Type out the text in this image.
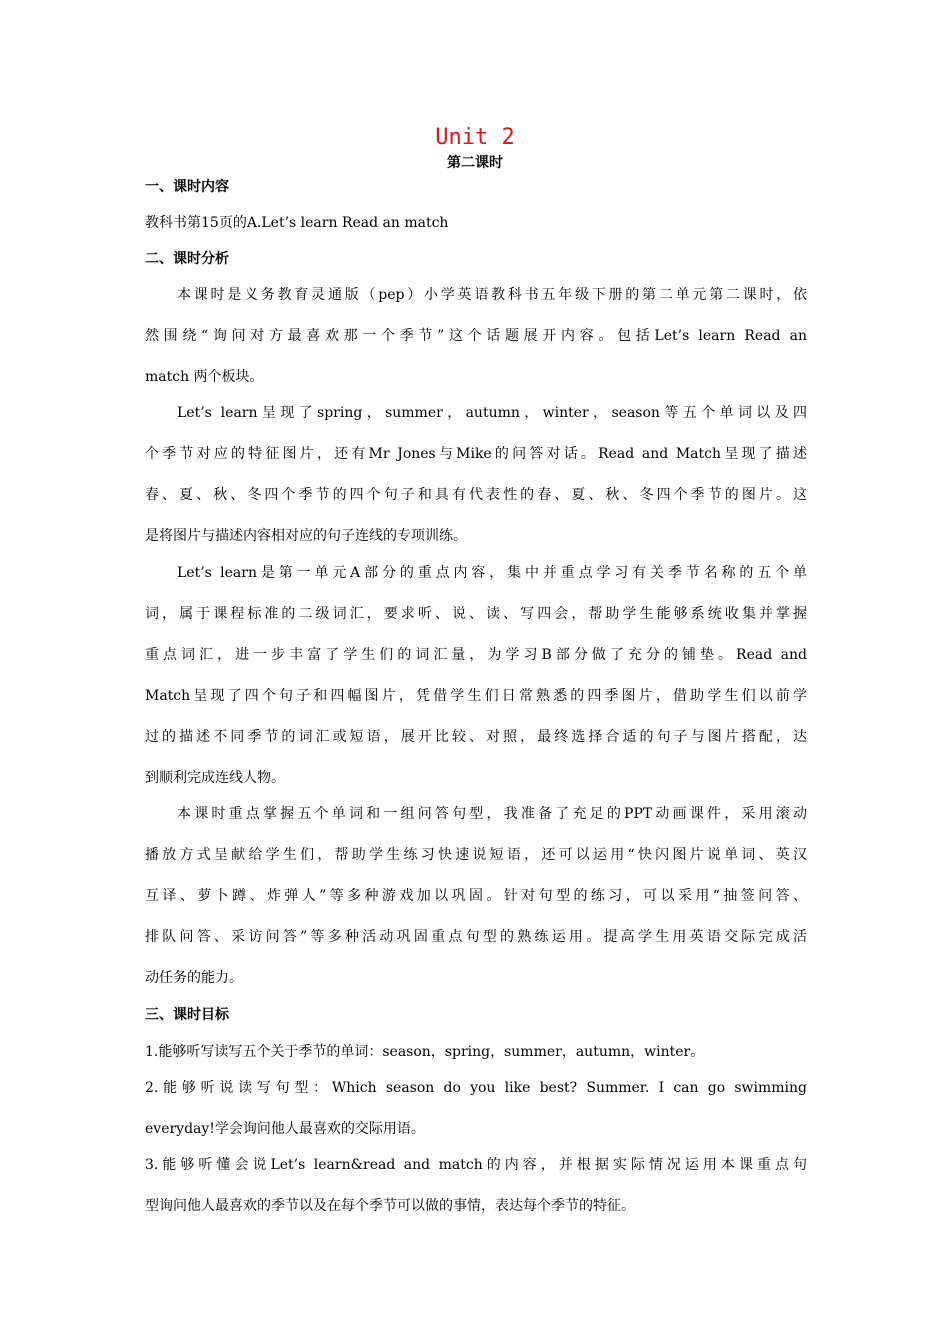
Unit 2
第二课时
一、课时内容
教科书第15页的A.Let’s learn Read an match
二、课时分析
本课时是义务教育灵通版（pep）小学英语教科书五年级下册的第二单元第二课时，依
然围绕“询问对方最喜欢那一个季节”这个话题展开内容。包括Let’s learn Read an
match 两个板块。
Let’s learn呈现了spring，summer，autumn，winter，season等五个单词以及四
个季节对应的特征图片，还有Mr Jones与Mike的问答对话。Read and Match呈现了描述
春、夏、秋、冬四个季节的四个句子和具有代表性的春、夏、秋、冬四个季节的图片。这
是将图片与描述内容相对应的句子连线的专项训练。
Let’s learn是第一单元A部分的重点内容，集中并重点学习有关季节名称的五个单
词，属于课程标准的二级词汇，要求听、说、读、写四会，帮助学生能够系统收集并掌握
重点词汇，进一步丰富了学生们的词汇量，为学习B部分做了充分的铺垫。Read and
Match呈现了四个句子和四幅图片，凭借学生们日常熟悉的四季图片，借助学生们以前学
过的描述不同季节的词汇或短语，展开比较、对照，最终选择合适的句子与图片搭配，达
到顺利完成连线人物。
本课时重点掌握五个单词和一组问答句型，我准备了充足的PPT动画课件，采用滚动
播放方式呈献给学生们，帮助学生练习快速说短语，还可以运用“快闪图片说单词、英汉
互译、萝卜蹲、炸弹人”等多种游戏加以巩固。针对句型的练习，可以采用“抽签问答、
排队问答、采访问答”等多种活动巩固重点句型的熟练运用。提高学生用英语交际完成活
动任务的能力。
三、课时目标
1.能够听写读写五个关于季节的单词：season，spring，summer，autumn，winter。
2.能够听说读写句型：Which season do you like best? Summer. I can go swimming
everyday!学会询问他人最喜欢的交际用语。
3.能够听懂会说Let’s learn&read and match的内容，并根据实际情况运用本课重点句
型询问他人最喜欢的季节以及在每个季节可以做的事情，表达每个季节的特征。
